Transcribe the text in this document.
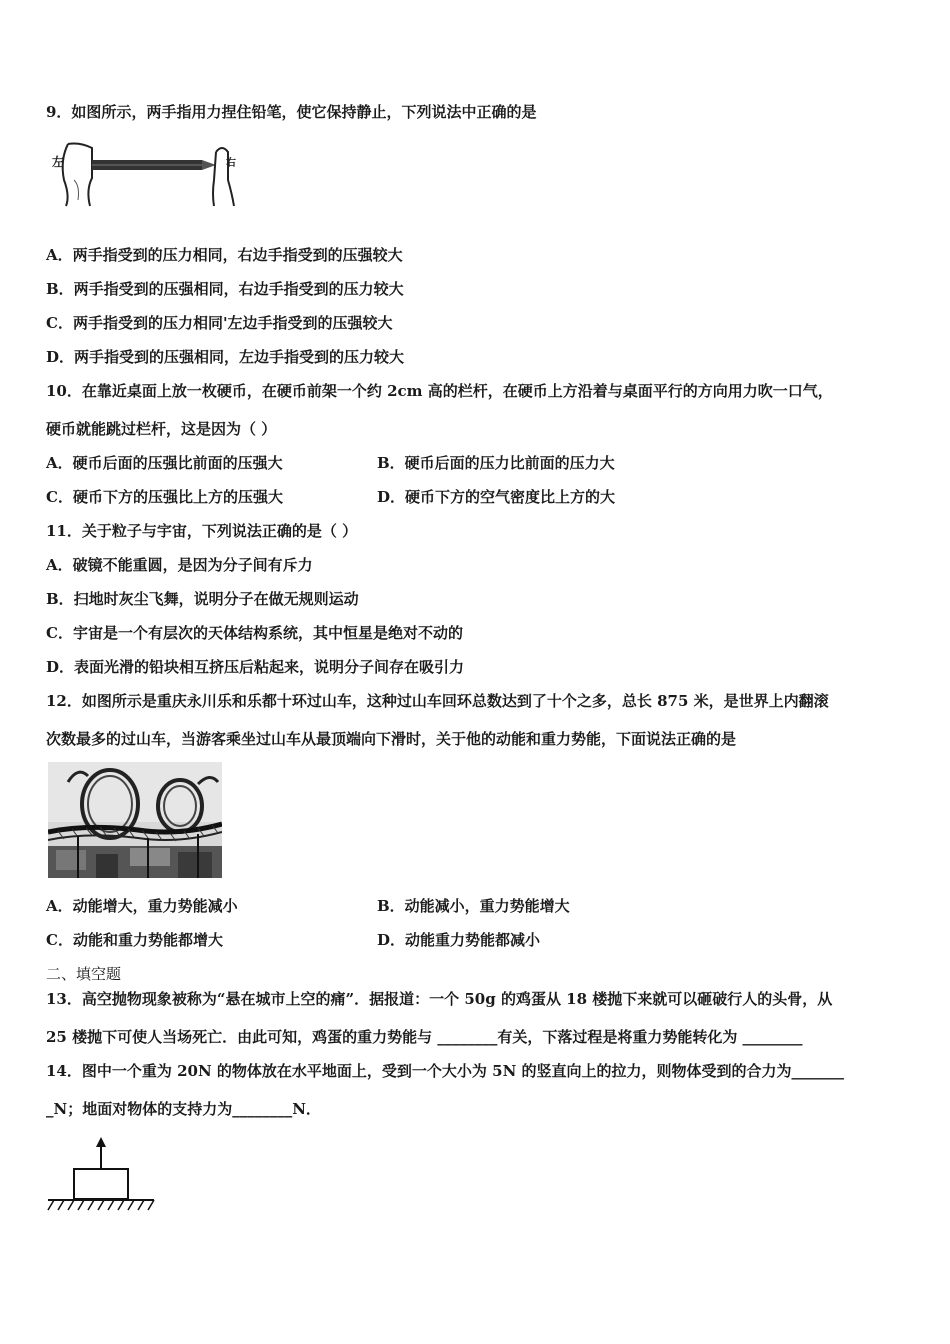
9．如图所示，两手指用力捏住铅笔，使它保持静止，下列说法中正确的是
左	右
A．两手指受到的压力相同，右边手指受到的压强较大
B．两手指受到的压强相同，右边手指受到的压力较大
C．两手指受到的压力相同'左边手指受到的压强较大
D．两手指受到的压强相同，左边手指受到的压力较大
10．在靠近桌面上放一枚硬币，在硬币前架一个约 2cm 高的栏杆，在硬币上方沿着与桌面平行的方向用力吹一口气，
硬币就能跳过栏杆，这是因为（ ）
A．硬币后面的压强比前面的压强大	B．硬币后面的压力比前面的压力大
C．硬币下方的压强比上方的压强大	D．硬币下方的空气密度比上方的大
11．关于粒子与宇宙，下列说法正确的是（ ）
A．破镜不能重圆，是因为分子间有斥力
B．扫地时灰尘飞舞，说明分子在做无规则运动
C．宇宙是一个有层次的天体结构系统，其中恒星是绝对不动的
D．表面光滑的铅块相互挤压后粘起来，说明分子间存在吸引力
12．如图所示是重庆永川乐和乐都十环过山车，这种过山车回环总数达到了十个之多，总长 875 米，是世界上内翻滚
次数最多的过山车，当游客乘坐过山车从最顶端向下滑时，关于他的动能和重力势能，下面说法正确的是
A．动能增大，重力势能减小	B．动能减小，重力势能增大
C．动能和重力势能都增大	D．动能重力势能都减小
二、填空题
13．高空抛物现象被称为“悬在城市上空的痛”．据报道：一个 50g 的鸡蛋从 18 楼抛下来就可以砸破行人的头骨，从
25 楼抛下可使人当场死亡．由此可知，鸡蛋的重力势能与 ________有关，下落过程是将重力势能转化为 ________
14．图中一个重为 20N 的物体放在水平地面上，受到一个大小为 5N 的竖直向上的拉力，则物体受到的合力为_______
_N；地面对物体的支持力为________N．
